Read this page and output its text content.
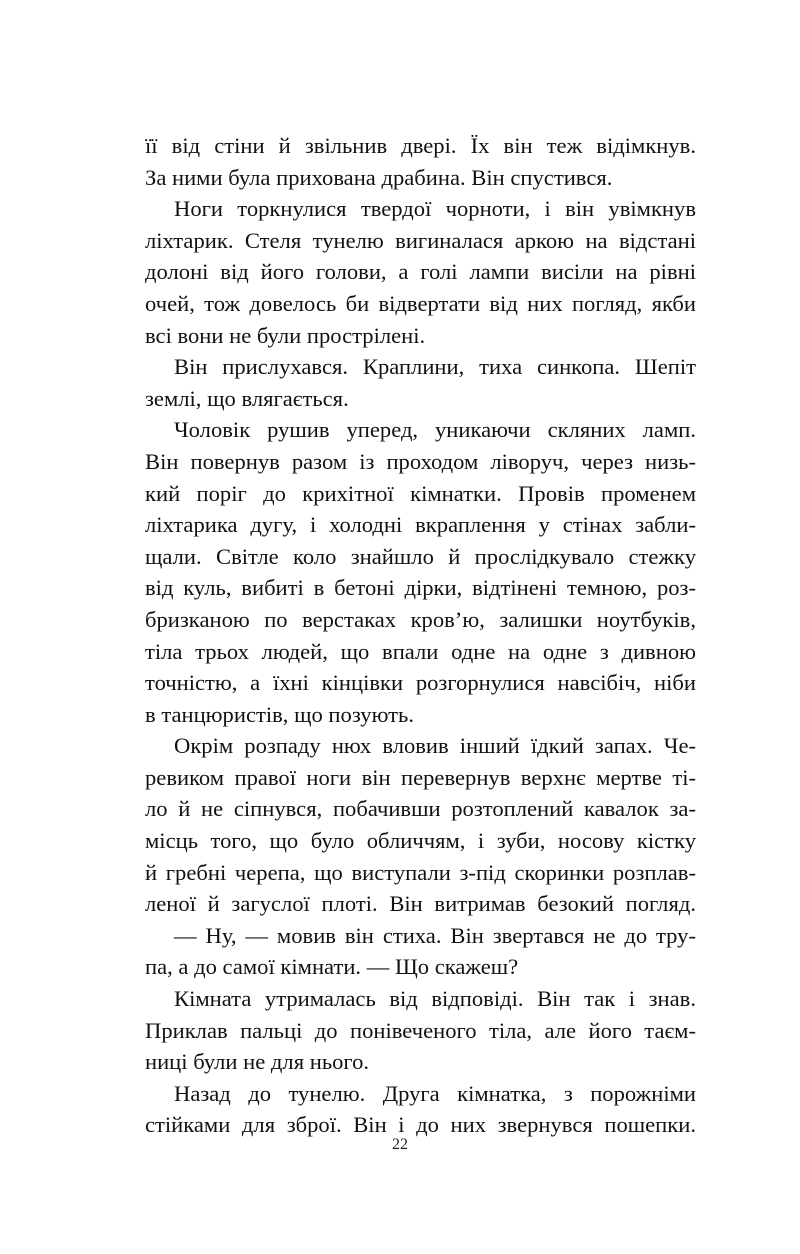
її від стіни й звільнив двері. Їх він теж відімкнув.
За ними була прихована драбина. Він спустився.
Ноги торкнулися твердої чорноти, і він увімкнув
ліхтарик. Стеля тунелю вигиналася аркою на відстані
долоні від його голови, а голі лампи висіли на рівні
очей, тож довелось би відвертати від них погляд, якби
всі вони не були прострілені.
Він прислухався. Краплини, тиха синкопа. Шепіт
землі, що влягається.
Чоловік рушив уперед, уникаючи скляних ламп.
Він повернув разом із проходом ліворуч, через низь-
кий поріг до крихітної кімнатки. Провів променем
ліхтарика дугу, і холодні вкраплення у стінах забли-
щали. Світле коло знайшло й прослідкувало стежку
від куль, вибиті в бетоні дірки, відтінені темною, роз-
бризканою по верстаках кров’ю, залишки ноутбуків,
тіла трьох людей, що впали одне на одне з дивною
точністю, а їхні кінцівки розгорнулися навсібіч, ніби
в танцюристів, що позують.
Окрім розпаду нюх вловив інший їдкий запах. Че-
ревиком правої ноги він перевернув верхнє мертве ті-
ло й не сіпнувся, побачивши розтоплений кавалок за-
місць того, що було обличчям, і зуби, носову кістку
й гребні черепа, що виступали з-під скоринки розплав-
леної й загуслої плоті. Він витримав безокий погляд.
— Ну, — мовив він стиха. Він звертався не до тру-
па, а до самої кімнати. — Що скажеш?
Кімната утрималась від відповіді. Він так і знав.
Приклав пальці до понівеченого тіла, але його таєм-
ниці були не для нього.
Назад до тунелю. Друга кімнатка, з порожніми
стійками для зброї. Він і до них звернувся пошепки.
22
